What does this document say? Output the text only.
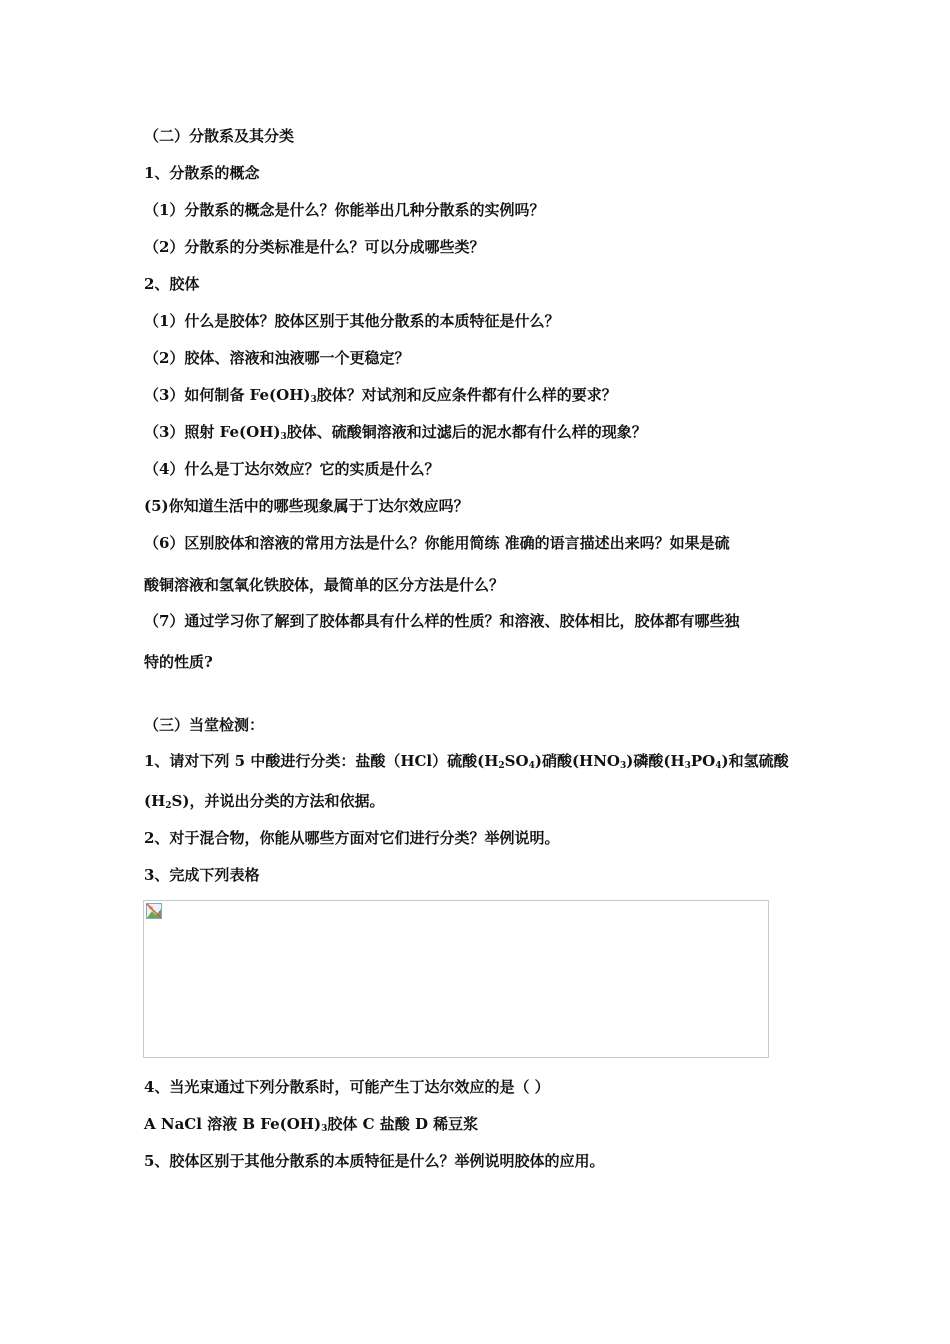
（二）分散系及其分类
1、分散系的概念
（1）分散系的概念是什么？你能举出几种分散系的实例吗？
（2）分散系的分类标准是什么？可以分成哪些类？
2、胶体
（1）什么是胶体？胶体区别于其他分散系的本质特征是什么？
（2）胶体、溶液和浊液哪一个更稳定？
（3）如何制备 $Fe(OH)_3$胶体？对试剂和反应条件都有什么样的要求？
（3）照射 $Fe(OH)_3$胶体、硫酸铜溶液和过滤后的泥水都有什么样的现象？
（4）什么是丁达尔效应？它的实质是什么？
(5)你知道生活中的哪些现象属于丁达尔效应吗？
（6）区别胶体和溶液的常用方法是什么？你能用简练 准确的语言描述出来吗？如果是硫
酸铜溶液和氢氧化铁胶体，最简单的区分方法是什么？
（7）通过学习你了解到了胶体都具有什么样的性质？和溶液、胶体相比，胶体都有哪些独
特的性质?
（三）当堂检测：
1、请对下列 5 中酸进行分类：盐酸（HCl）硫酸$(H_2SO_4)$硝酸$(HNO_3)$磷酸$(H_3PO_4)$和氢硫酸
$(H_2S)$，并说出分类的方法和依据。
2、对于混合物，你能从哪些方面对它们进行分类？举例说明。
3、完成下列表格
4、当光束通过下列分散系时，可能产生丁达尔效应的是（ ）
A NaCl 溶液 B $Fe(OH)_3$胶体 C 盐酸 D 稀豆浆
5、胶体区别于其他分散系的本质特征是什么？举例说明胶体的应用。
